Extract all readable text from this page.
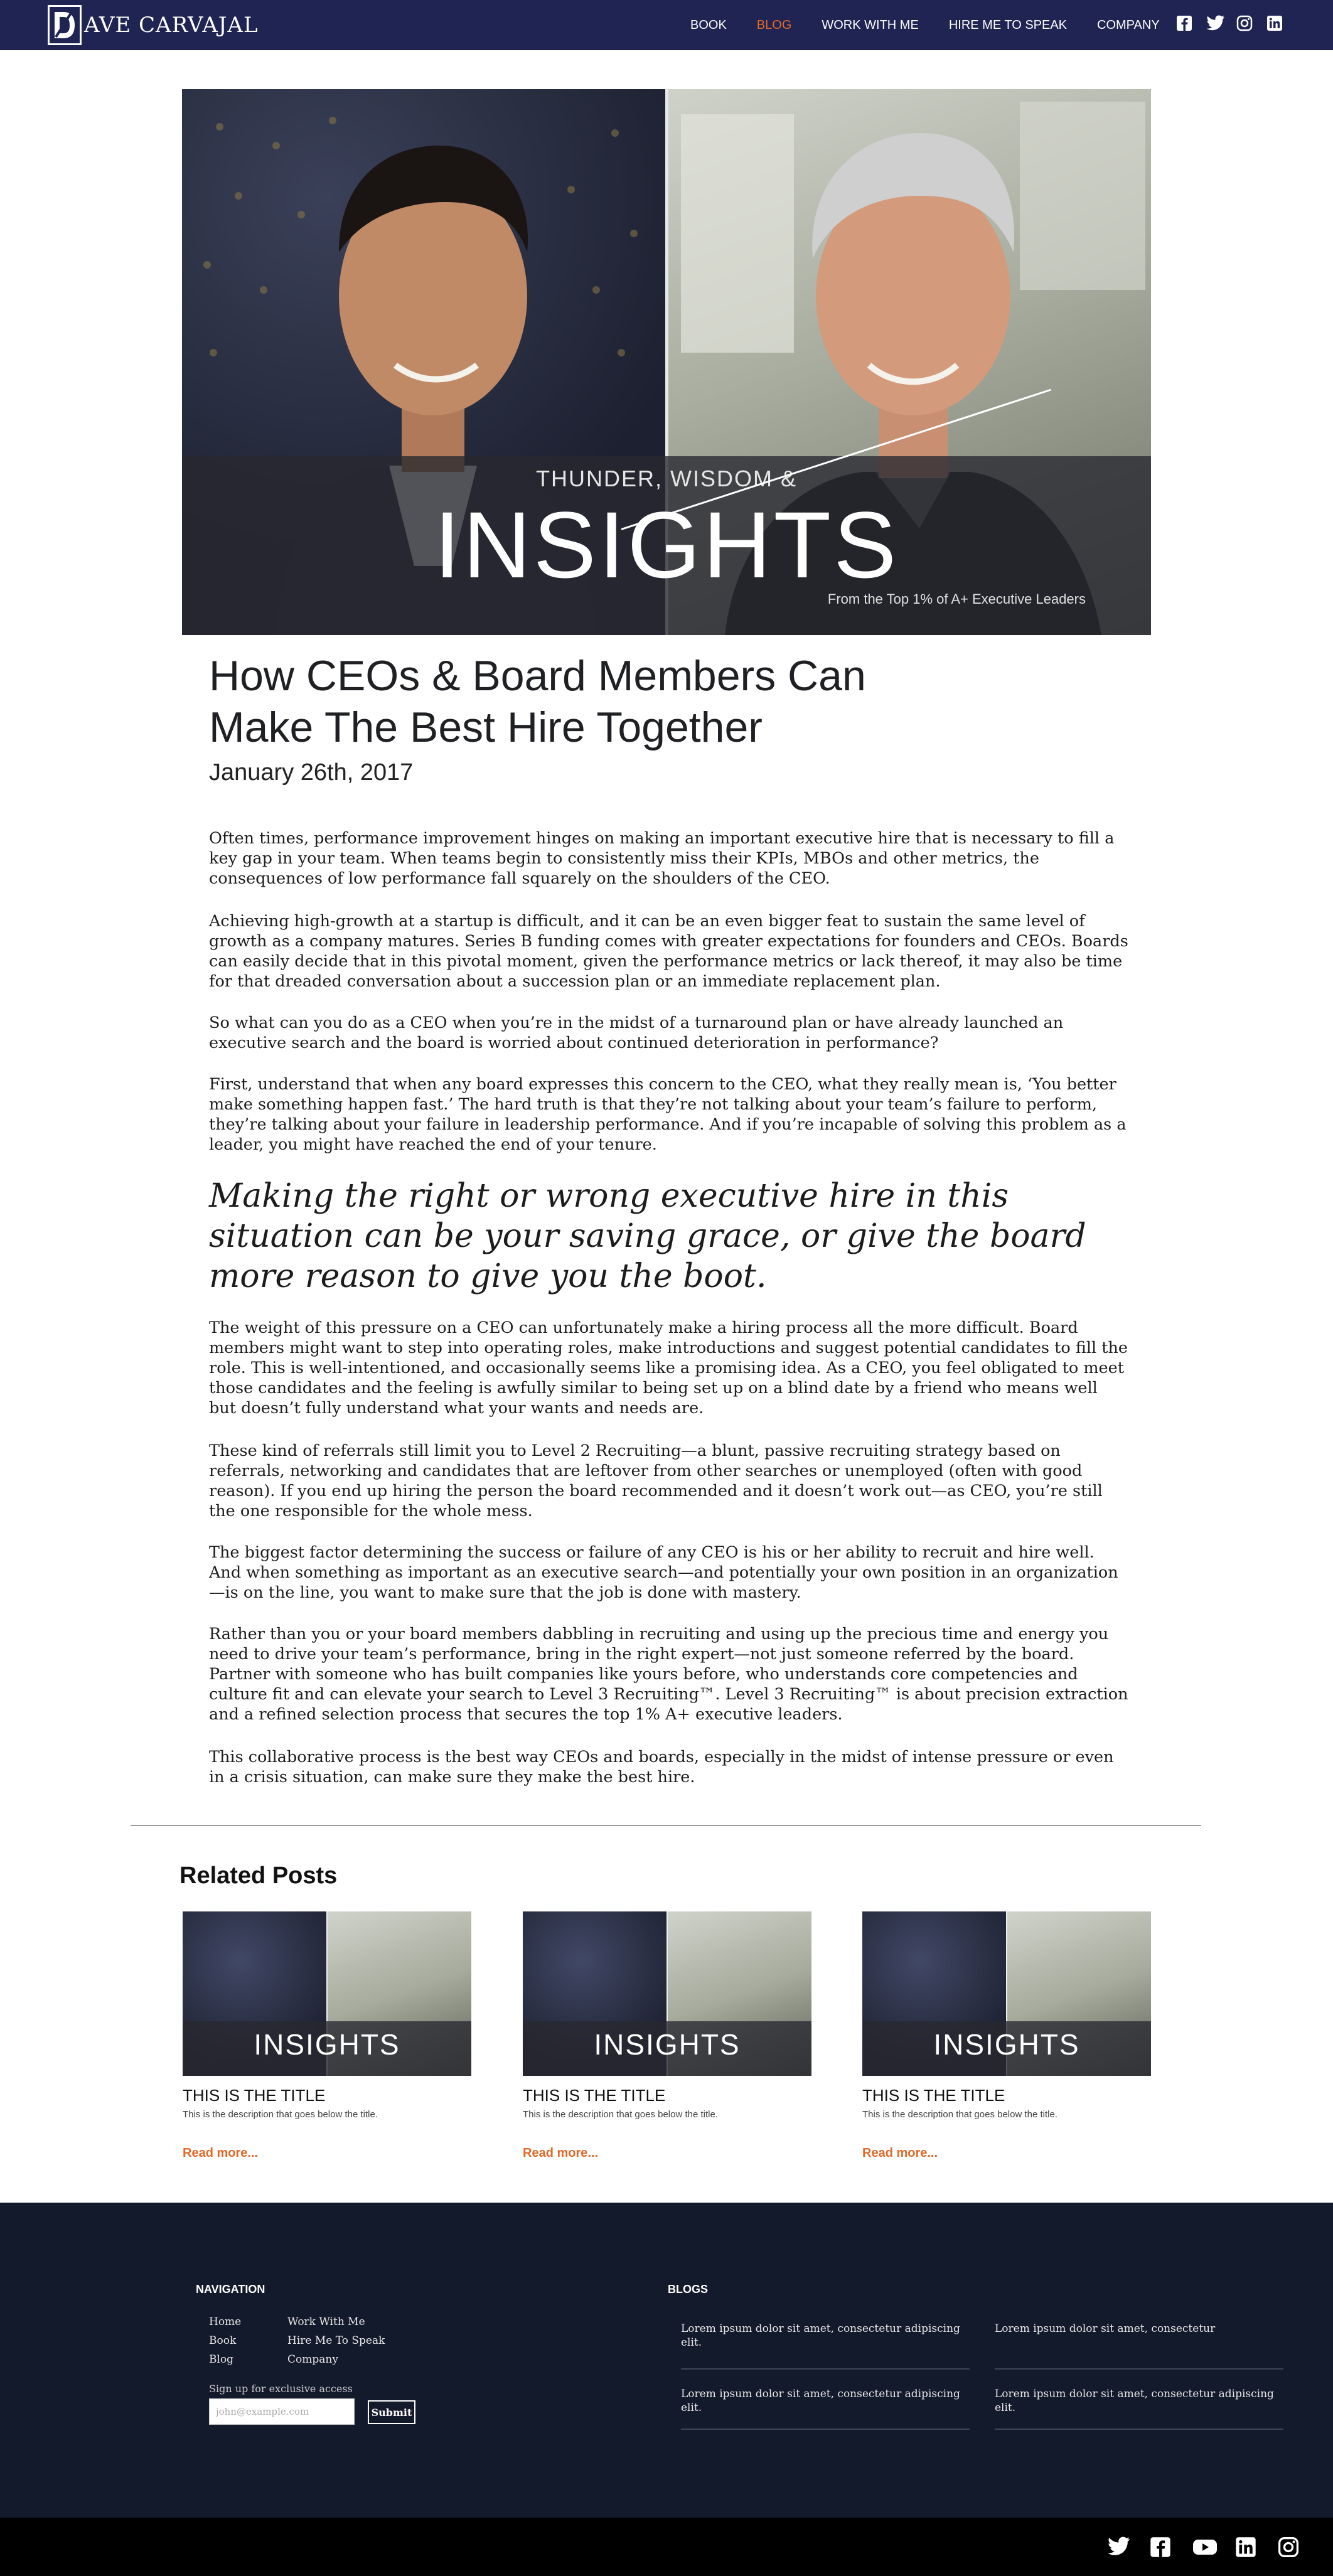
AVE CARVAJAL	BOOK BLOG WORK WITH ME HIRE ME TO SPEAK COMPANY
THUNDER, WISDOM &
INSIGHTS
From the Top 1% of A+ Executive Leaders
How CEOs & Board Members Can Make The Best Hire Together
January 26th, 2017

Often times, performance improvement hinges on making an important executive hire that is necessary to fill a key gap in your team. When teams begin to consistently miss their KPIs, MBOs and other metrics, the consequences of low performance fall squarely on the shoulders of the CEO.

Achieving high-growth at a startup is difficult, and it can be an even bigger feat to sustain the same level of growth as a company matures. Series B funding comes with greater expectations for founders and CEOs. Boards can easily decide that in this pivotal moment, given the performance metrics or lack thereof, it may also be time for that dreaded conversation about a succession plan or an immediate replacement plan.

So what can you do as a CEO when you’re in the midst of a turnaround plan or have already launched an executive search and the board is worried about continued deterioration in performance?

First, understand that when any board expresses this concern to the CEO, what they really mean is, ‘You better make something happen fast.’ The hard truth is that they’re not talking about your team’s failure to perform, they’re talking about your failure in leadership performance. And if you’re incapable of solving this problem as a leader, you might have reached the end of your tenure.

Making the right or wrong executive hire in this situation can be your saving grace, or give the board more reason to give you the boot.

The weight of this pressure on a CEO can unfortunately make a hiring process all the more difficult. Board members might want to step into operating roles, make introductions and suggest potential candidates to fill the role. This is well-intentioned, and occasionally seems like a promising idea. As a CEO, you feel obligated to meet those candidates and the feeling is awfully similar to being set up on a blind date by a friend who means well but doesn’t fully understand what your wants and needs are.

These kind of referrals still limit you to Level 2 Recruiting—a blunt, passive recruiting strategy based on referrals, networking and candidates that are leftover from other searches or unemployed (often with good reason). If you end up hiring the person the board recommended and it doesn’t work out—as CEO, you’re still the one responsible for the whole mess.

The biggest factor determining the success or failure of any CEO is his or her ability to recruit and hire well. And when something as important as an executive search—and potentially your own position in an organization—is on the line, you want to make sure that the job is done with mastery.

Rather than you or your board members dabbling in recruiting and using up the precious time and energy you need to drive your team’s performance, bring in the right expert—not just someone referred by the board. Partner with someone who has built companies like yours before, who understands core competencies and culture fit and can elevate your search to Level 3 Recruiting™. Level 3 Recruiting™ is about precision extraction and a refined selection process that secures the top 1% A+ executive leaders.

This collaborative process is the best way CEOs and boards, especially in the midst of intense pressure or even in a crisis situation, can make sure they make the best hire.

Related Posts
INSIGHTS
THIS IS THE TITLE
This is the description that goes below the title.
Read more...
INSIGHTS
THIS IS THE TITLE
This is the description that goes below the title.
Read more...
INSIGHTS
THIS IS THE TITLE
This is the description that goes below the title.
Read more...
NAVIGATION
Home
Book
Blog
Work With Me
Hire Me To Speak
Company
Sign up for exclusive access
john@example.com
Submit
BLOGS
Lorem ipsum dolor sit amet, consectetur adipiscing elit.
Lorem ipsum dolor sit amet, consectetur
Lorem ipsum dolor sit amet, consectetur adipiscing elit.
Lorem ipsum dolor sit amet, consectetur adipiscing elit.
